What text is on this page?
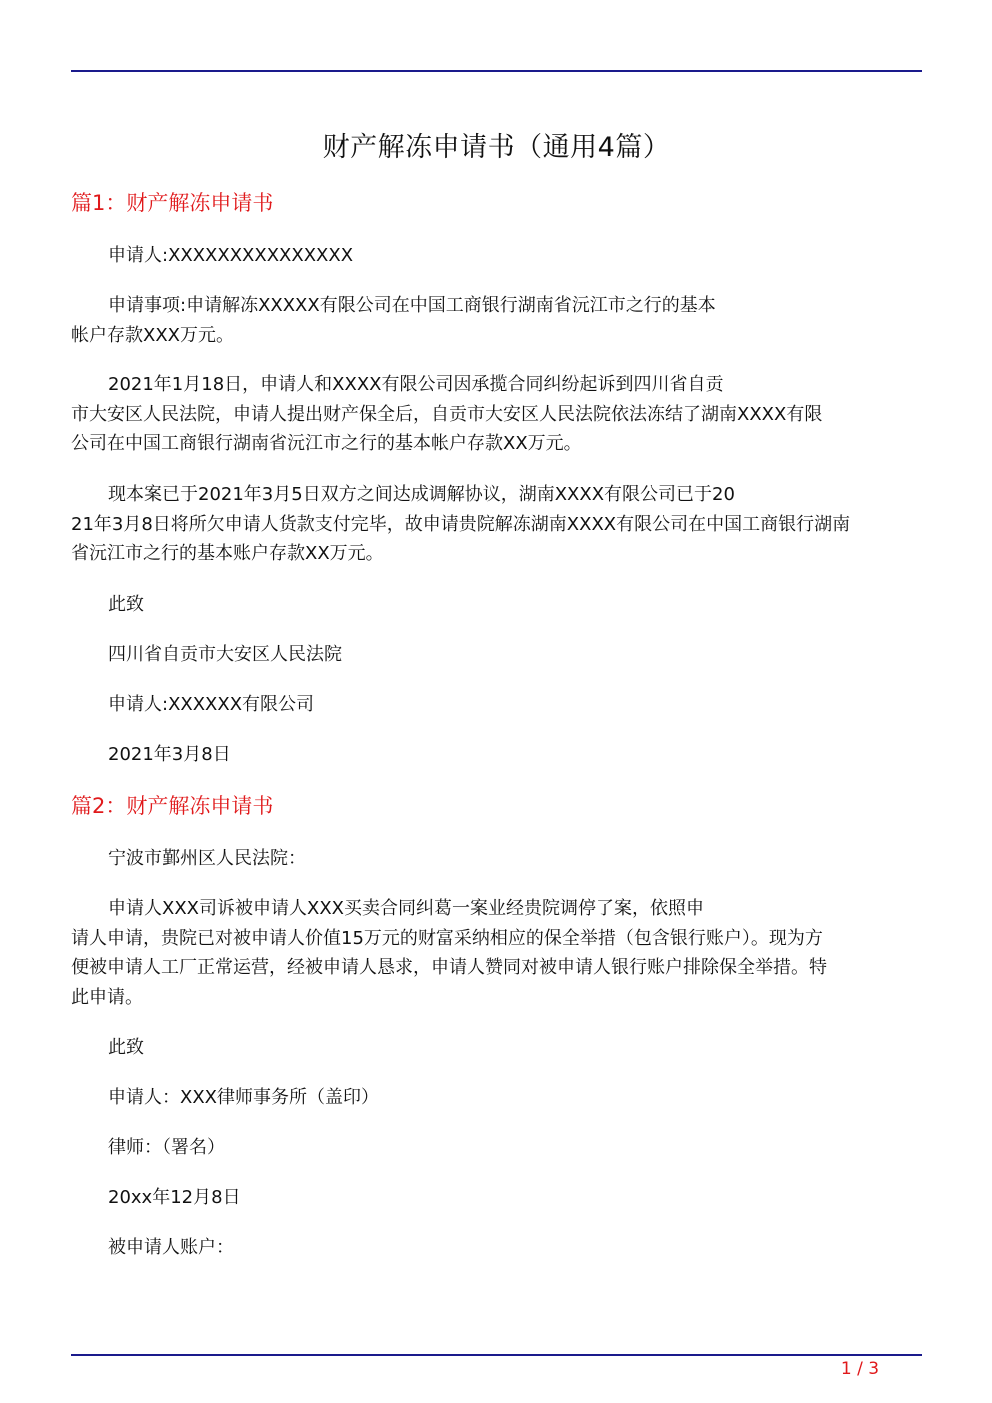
财产解冻申请书（通用4篇）
篇1：财产解冻申请书
申请人:XXXXXXXXXXXXXXX
申请事项:申请解冻XXXXX有限公司在中国工商银行湖南省沅江市之行的基本
帐户存款XXX万元。
2021年1月18日，申请人和XXXX有限公司因承揽合同纠纷起诉到四川省自贡
市大安区人民法院，申请人提出财产保全后，自贡市大安区人民法院依法冻结了湖南XXXX有限
公司在中国工商银行湖南省沅江市之行的基本帐户存款XX万元。
现本案已于2021年3月5日双方之间达成调解协议，湖南XXXX有限公司已于20
21年3月8日将所欠申请人货款支付完毕，故申请贵院解冻湖南XXXX有限公司在中国工商银行湖南
省沅江市之行的基本账户存款XX万元。
此致
四川省自贡市大安区人民法院
申请人:XXXXXX有限公司
2021年3月8日
篇2：财产解冻申请书
宁波市鄞州区人民法院：
申请人XXX司诉被申请人XXX买卖合同纠葛一案业经贵院调停了案，依照申
请人申请，贵院已对被申请人价值15万元的财富采纳相应的保全举措（包含银行账户）。现为方
便被申请人工厂正常运营，经被申请人恳求，申请人赞同对被申请人银行账户排除保全举措。特
此申请。
此致
申请人：XXX律师事务所（盖印）
律师：（署名）
20xx年12月8日
被申请人账户：
1 / 3
